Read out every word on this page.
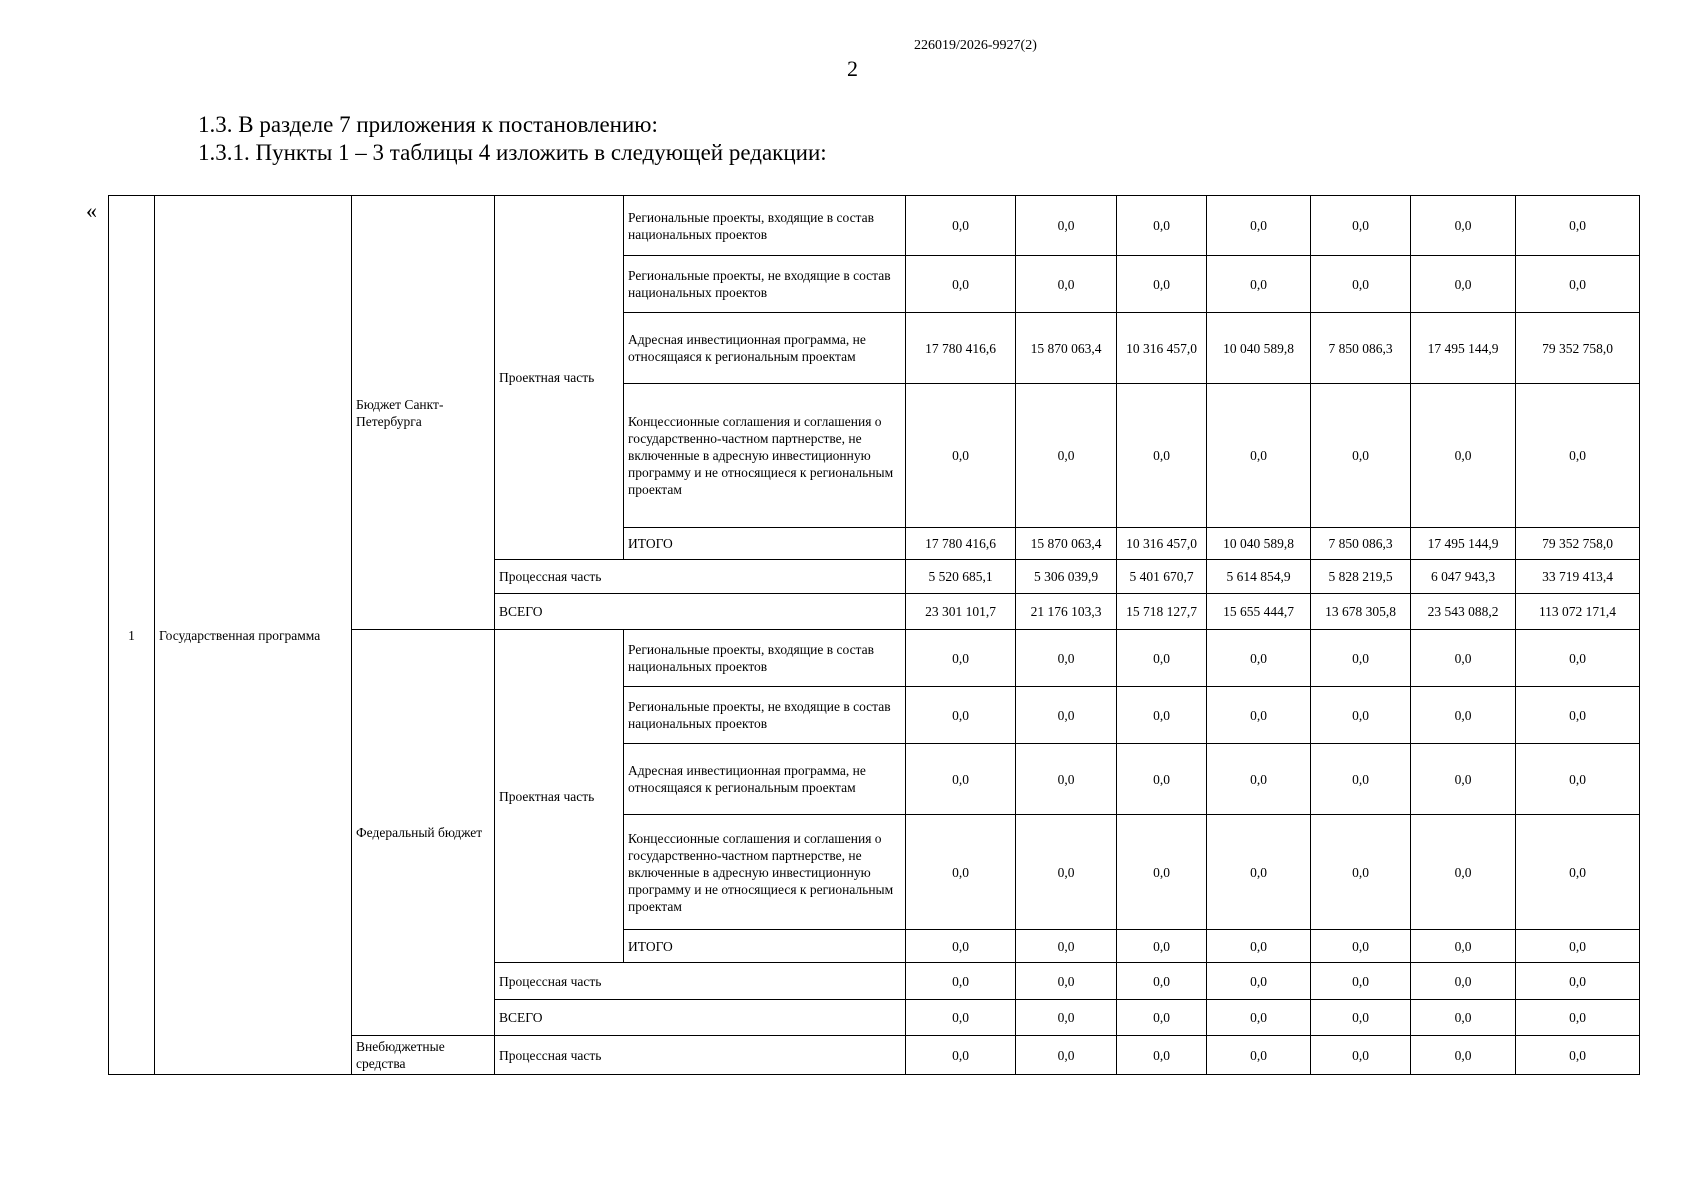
226019/2026-9927(2)
2
1.3. В разделе 7 приложения к постановлению:
1.3.1. Пункты 1 – 3 таблицы 4 изложить в следующей редакции:
«
1	Государственная программа	Бюджет Санкт-Петербурга	Проектная часть	Региональные проекты, входящие в состав национальных проектов	0,0	0,0	0,0	0,0	0,0	0,0	0,0
				Региональные проекты, не входящие в состав национальных проектов	0,0	0,0	0,0	0,0	0,0	0,0	0,0
				Адресная инвестиционная программа, не относящаяся к региональным проектам	17 780 416,6	15 870 063,4	10 316 457,0	10 040 589,8	7 850 086,3	17 495 144,9	79 352 758,0
				Концессионные соглашения и соглашения о государственно-частном партнерстве, не включенные в адресную инвестиционную программу и не относящиеся к региональным проектам	0,0	0,0	0,0	0,0	0,0	0,0	0,0
				ИТОГО	17 780 416,6	15 870 063,4	10 316 457,0	10 040 589,8	7 850 086,3	17 495 144,9	79 352 758,0
			Процессная часть		5 520 685,1	5 306 039,9	5 401 670,7	5 614 854,9	5 828 219,5	6 047 943,3	33 719 413,4
			ВСЕГО		23 301 101,7	21 176 103,3	15 718 127,7	15 655 444,7	13 678 305,8	23 543 088,2	113 072 171,4
		Федеральный бюджет	Проектная часть	Региональные проекты, входящие в состав национальных проектов	0,0	0,0	0,0	0,0	0,0	0,0	0,0
				Региональные проекты, не входящие в состав национальных проектов	0,0	0,0	0,0	0,0	0,0	0,0	0,0
				Адресная инвестиционная программа, не относящаяся к региональным проектам	0,0	0,0	0,0	0,0	0,0	0,0	0,0
				Концессионные соглашения и соглашения о государственно-частном партнерстве, не включенные в адресную инвестиционную программу и не относящиеся к региональным проектам	0,0	0,0	0,0	0,0	0,0	0,0	0,0
				ИТОГО	0,0	0,0	0,0	0,0	0,0	0,0	0,0
			Процессная часть		0,0	0,0	0,0	0,0	0,0	0,0	0,0
			ВСЕГО		0,0	0,0	0,0	0,0	0,0	0,0	0,0
		Внебюджетные средства	Процессная часть		0,0	0,0	0,0	0,0	0,0	0,0	0,0
